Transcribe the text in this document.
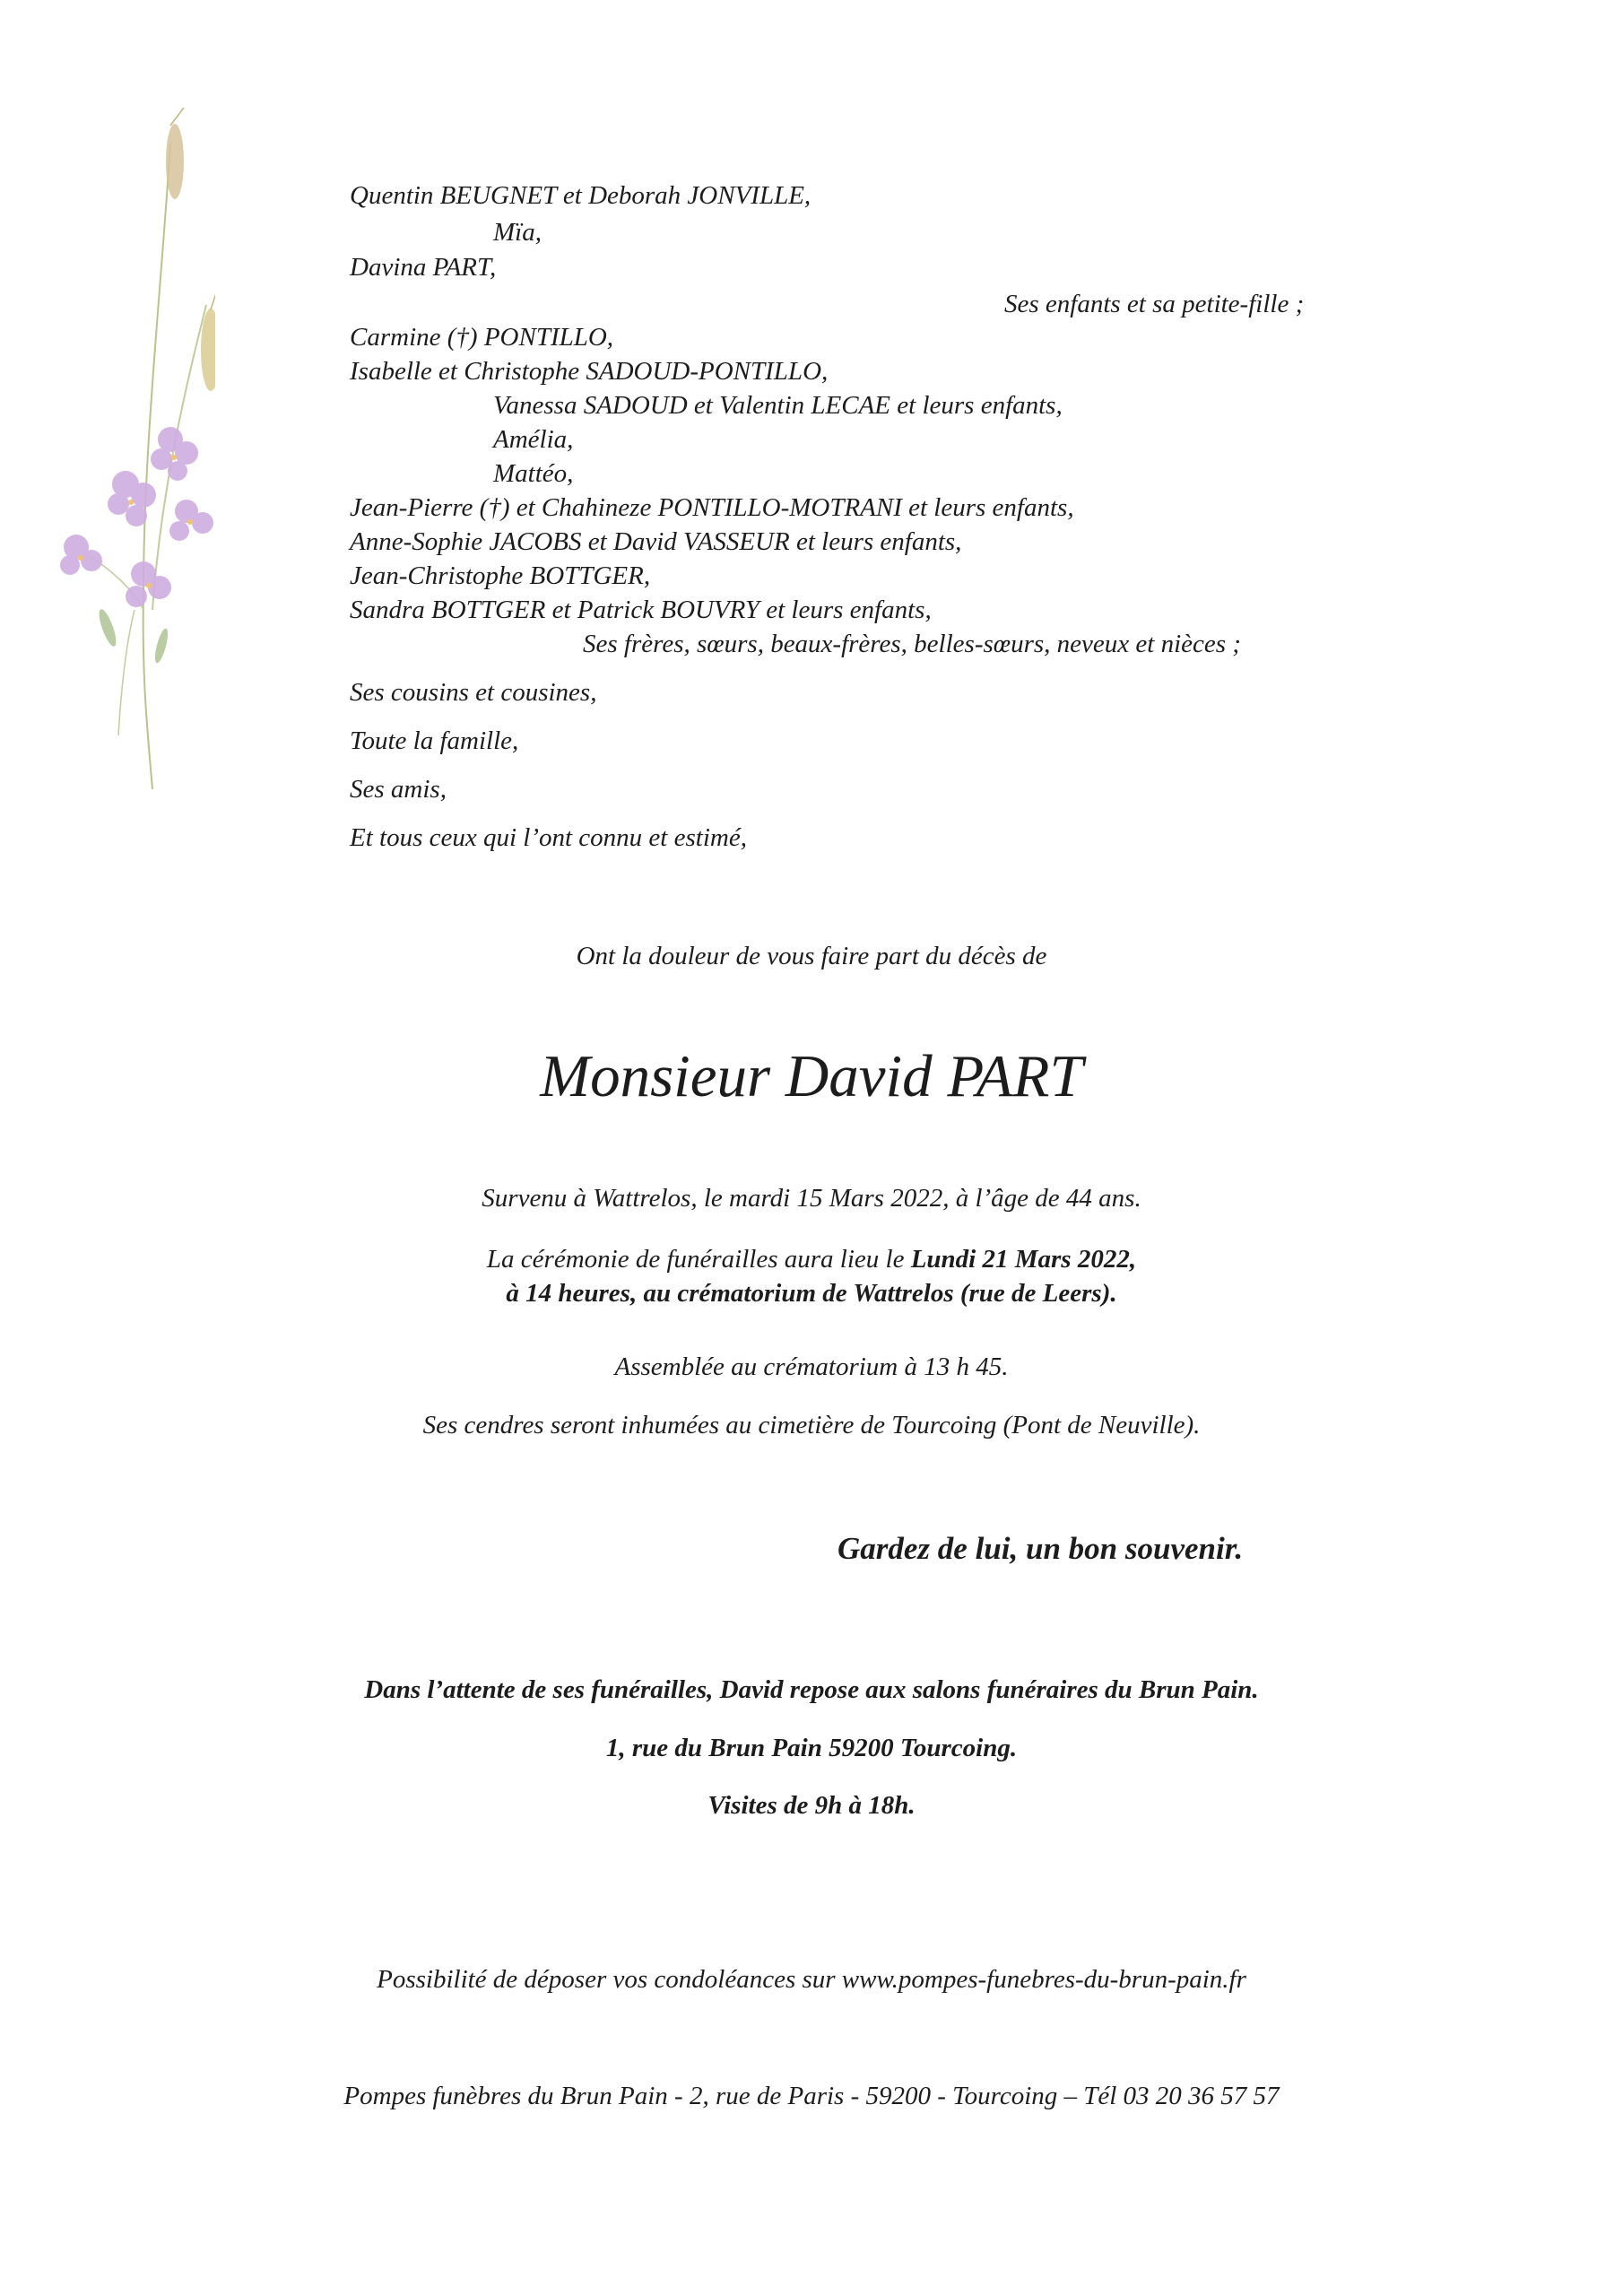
Quentin BEUGNET et Deborah JONVILLE,
Mïa,
Davina PART,
Ses enfants et sa petite-fille ;
Carmine (†) PONTILLO,
Isabelle et Christophe SADOUD-PONTILLO,
Vanessa SADOUD et Valentin LECAE et leurs enfants,
Amélia,
Mattéo,
Jean-Pierre (†) et Chahineze PONTILLO-MOTRANI et leurs enfants,
Anne-Sophie JACOBS et David VASSEUR et leurs enfants,
Jean-Christophe BOTTGER,
Sandra BOTTGER et Patrick BOUVRY et leurs enfants,
Ses frères, sœurs, beaux-frères, belles-sœurs, neveux et nièces ;
Ses cousins et cousines,
Toute la famille,
Ses amis,
Et tous ceux qui l’ont connu et estimé,
Ont la douleur de vous faire part du décès de
Monsieur David PART
Survenu à Wattrelos, le mardi 15 Mars 2022, à l’âge de 44 ans.
La cérémonie de funérailles aura lieu le Lundi 21 Mars 2022,
à 14 heures, au crématorium de Wattrelos (rue de Leers).
Assemblée au crématorium à 13 h 45.
Ses cendres seront inhumées au cimetière de Tourcoing (Pont de Neuville).
Gardez de lui, un bon souvenir.
Dans l’attente de ses funérailles, David repose aux salons funéraires du Brun Pain.
1, rue du Brun Pain 59200 Tourcoing.
Visites de 9h à 18h.
Possibilité de déposer vos condoléances sur www.pompes-funebres-du-brun-pain.fr
Pompes funèbres du Brun Pain - 2, rue de Paris - 59200 - Tourcoing – Tél 03 20 36 57 57
